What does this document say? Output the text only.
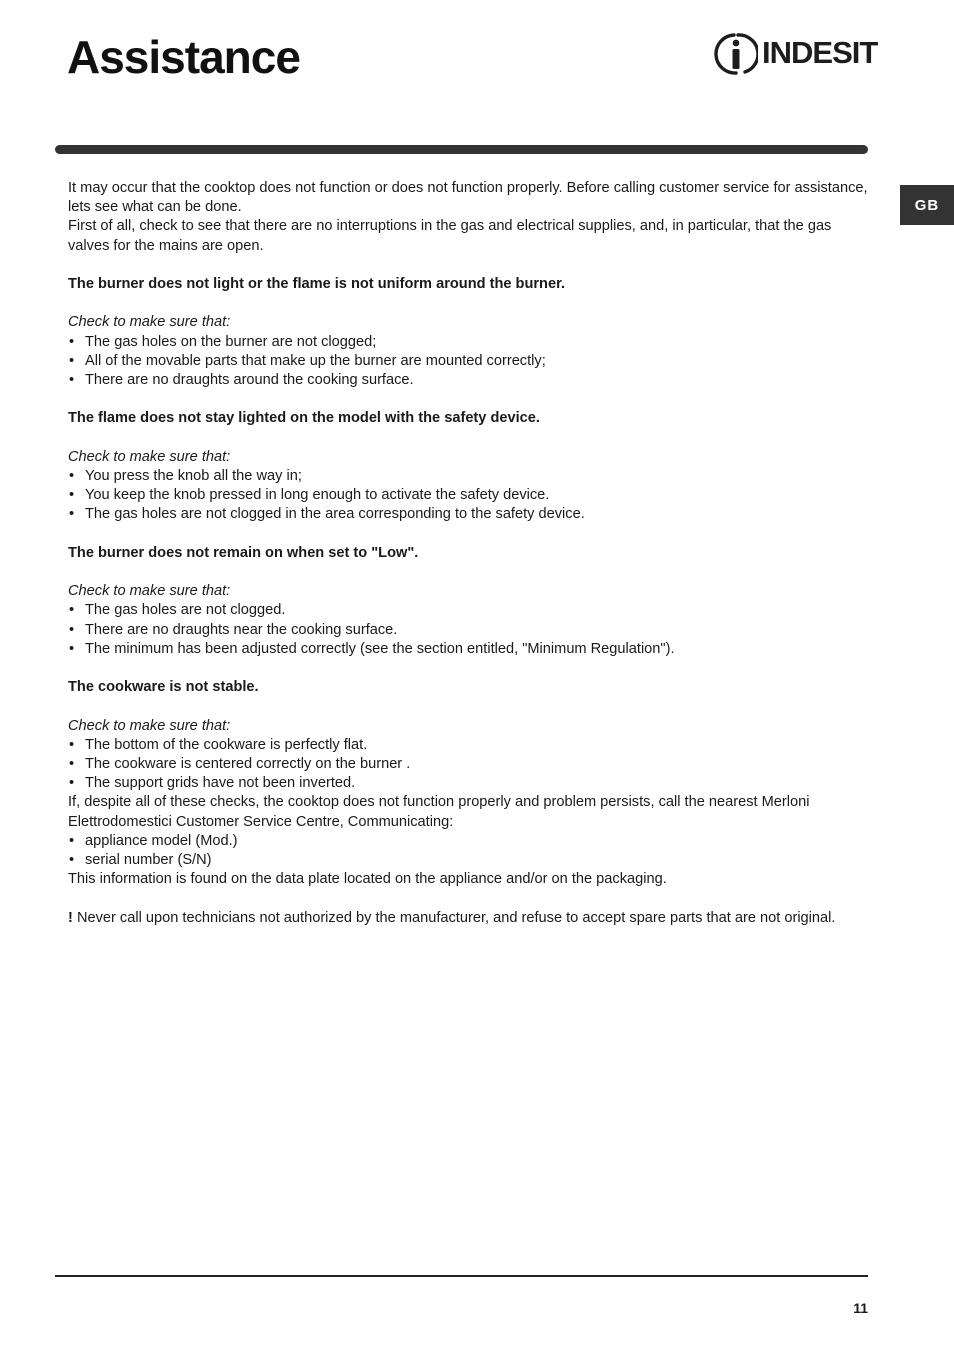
Assistance	INDESIT
GB

It may occur that the cooktop does not function or does not function properly. Before calling customer service for assistance, lets see what can be done.

First of all, check to see that there are no interruptions in the gas and electrical supplies, and, in particular, that the gas valves for the mains are open.

The burner does not light or the flame is not uniform around the burner.

Check to make sure that:

• The gas holes on the burner are not clogged;

• All of the movable parts that make up the burner are mounted correctly;

• There are no draughts around the cooking surface.

The flame does not stay lighted on the model with the safety device.

Check to make sure that:

• You press the knob all the way in;

• You keep the knob pressed in long enough to activate the safety device.

• The gas holes are not clogged in the area corresponding to the safety device.

The burner does not remain on when set to "Low".

Check to make sure that:

• The gas holes are not clogged.

• There are no draughts near the cooking surface.

• The minimum has been adjusted correctly (see the section entitled, "Minimum Regulation").

The cookware is not stable.

Check to make sure that:

• The bottom of the cookware is perfectly flat.

• The cookware is centered correctly on the burner .

• The support grids have not been inverted.

If, despite all of these checks, the cooktop does not function properly and problem persists, call the nearest Merloni Elettrodomestici Customer Service Centre, Communicating:

• appliance model (Mod.)

• serial number (S/N)

This information is found on the data plate located on the appliance and/or on the packaging.

! Never call upon technicians not authorized by the manufacturer, and refuse to accept spare parts that are not original.

11
